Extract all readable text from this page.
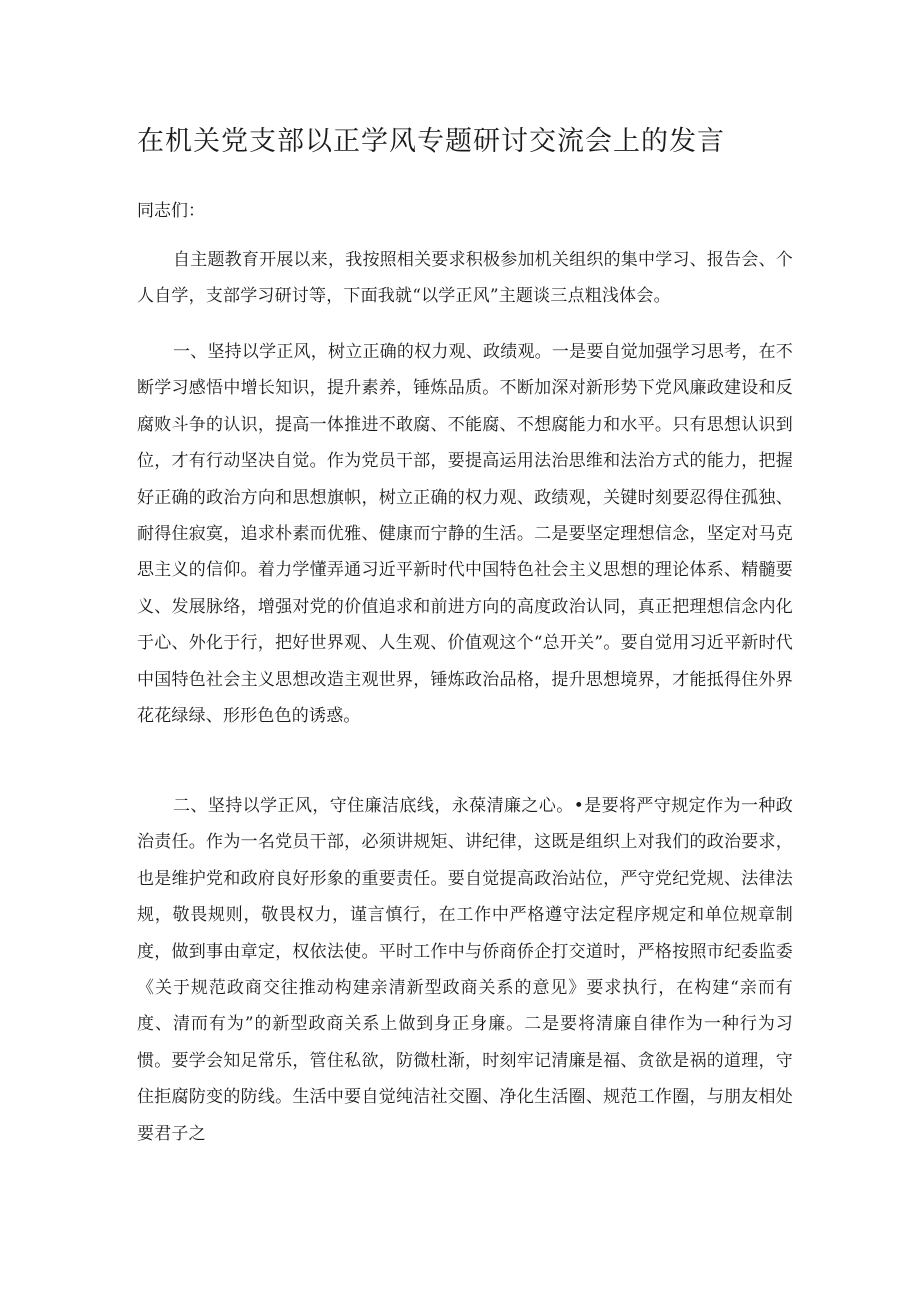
在机关党支部以正学风专题研讨交流会上的发言

同志们：

自主题教育开展以来，我按照相关要求积极参加机关组织的集中学习、报告会、个人自学，支部学习研讨等，下面我就“以学正风”主题谈三点粗浅体会。

一、坚持以学正风，树立正确的权力观、政绩观。一是要自觉加强学习思考，在不断学习感悟中增长知识，提升素养，锤炼品质。不断加深对新形势下党风廉政建设和反腐败斗争的认识，提高一体推进不敢腐、不能腐、不想腐能力和水平。只有思想认识到位，才有行动坚决自觉。作为党员干部，要提高运用法治思维和法治方式的能力，把握好正确的政治方向和思想旗帜，树立正确的权力观、政绩观，关键时刻要忍得住孤独、耐得住寂寞，追求朴素而优雅、健康而宁静的生活。二是要坚定理想信念，坚定对马克思主义的信仰。着力学懂弄通习近平新时代中国特色社会主义思想的理论体系、精髓要义、发展脉络，增强对党的价值追求和前进方向的高度政治认同，真正把理想信念内化于心、外化于行，把好世界观、人生观、价值观这个“总开关”。要自觉用习近平新时代中国特色社会主义思想改造主观世界，锤炼政治品格，提升思想境界，才能抵得住外界花花绿绿、形形色色的诱惑。

二、坚持以学正风，守住廉洁底线，永葆清廉之心。•是要将严守规定作为一种政治责任。作为一名党员干部，必须讲规矩、讲纪律，这既是组织上对我们的政治要求，也是维护党和政府良好形象的重要责任。要自觉提高政治站位，严守党纪党规、法律法规，敬畏规则，敬畏权力，谨言慎行，在工作中严格遵守法定程序规定和单位规章制度，做到事由章定，权依法使。平时工作中与侨商侨企打交道时，严格按照市纪委监委《关于规范政商交往推动构建亲清新型政商关系的意见》要求执行，在构建“亲而有度、清而有为”的新型政商关系上做到身正身廉。二是要将清廉自律作为一种行为习惯。要学会知足常乐，管住私欲，防微杜渐，时刻牢记清廉是福、贪欲是祸的道理，守住拒腐防变的防线。生活中要自觉纯洁社交圈、净化生活圈、规范工作圈，与朋友相处要君子之
